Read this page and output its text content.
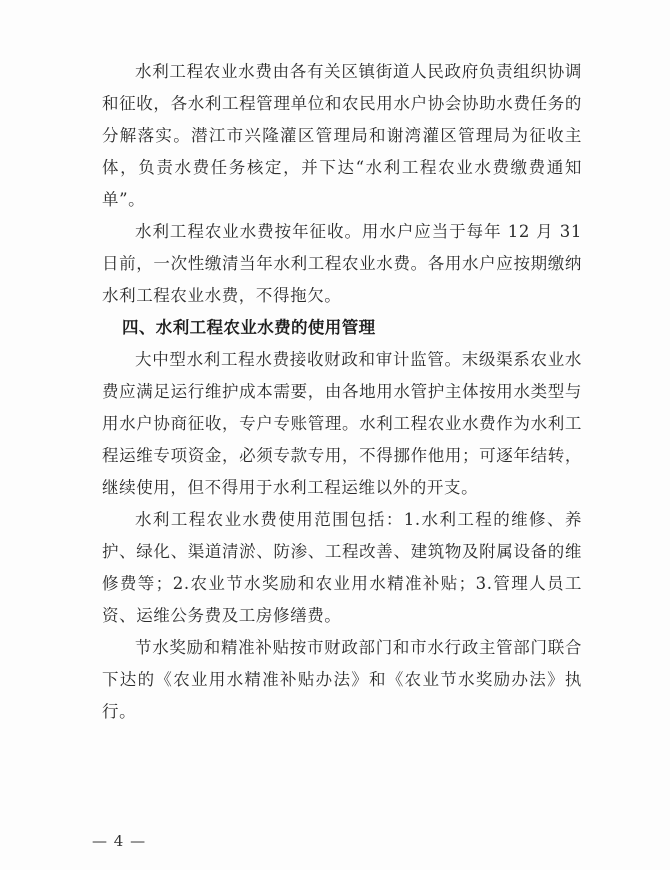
水利工程农业水费由各有关区镇街道人民政府负责组织协调和征收，各水利工程管理单位和农民用水户协会协助水费任务的分解落实。潜江市兴隆灌区管理局和谢湾灌区管理局为征收主体，负责水费任务核定，并下达“水利工程农业水费缴费通知单”。

水利工程农业水费按年征收。用水户应当于每年 12 月 31 日前，一次性缴清当年水利工程农业水费。各用水户应按期缴纳水利工程农业水费，不得拖欠。

四、水利工程农业水费的使用管理

大中型水利工程水费接收财政和审计监管。末级渠系农业水费应满足运行维护成本需要，由各地用水管护主体按用水类型与用水户协商征收，专户专账管理。水利工程农业水费作为水利工程运维专项资金，必须专款专用，不得挪作他用；可逐年结转，继续使用，但不得用于水利工程运维以外的开支。

水利工程农业水费使用范围包括：1.水利工程的维修、养护、绿化、渠道清淤、防渗、工程改善、建筑物及附属设备的维修费等；2.农业节水奖励和农业用水精准补贴；3.管理人员工资、运维公务费及工房修缮费。

节水奖励和精准补贴按市财政部门和市水行政主管部门联合下达的《农业用水精准补贴办法》和《农业节水奖励办法》执行。

— 4 —
